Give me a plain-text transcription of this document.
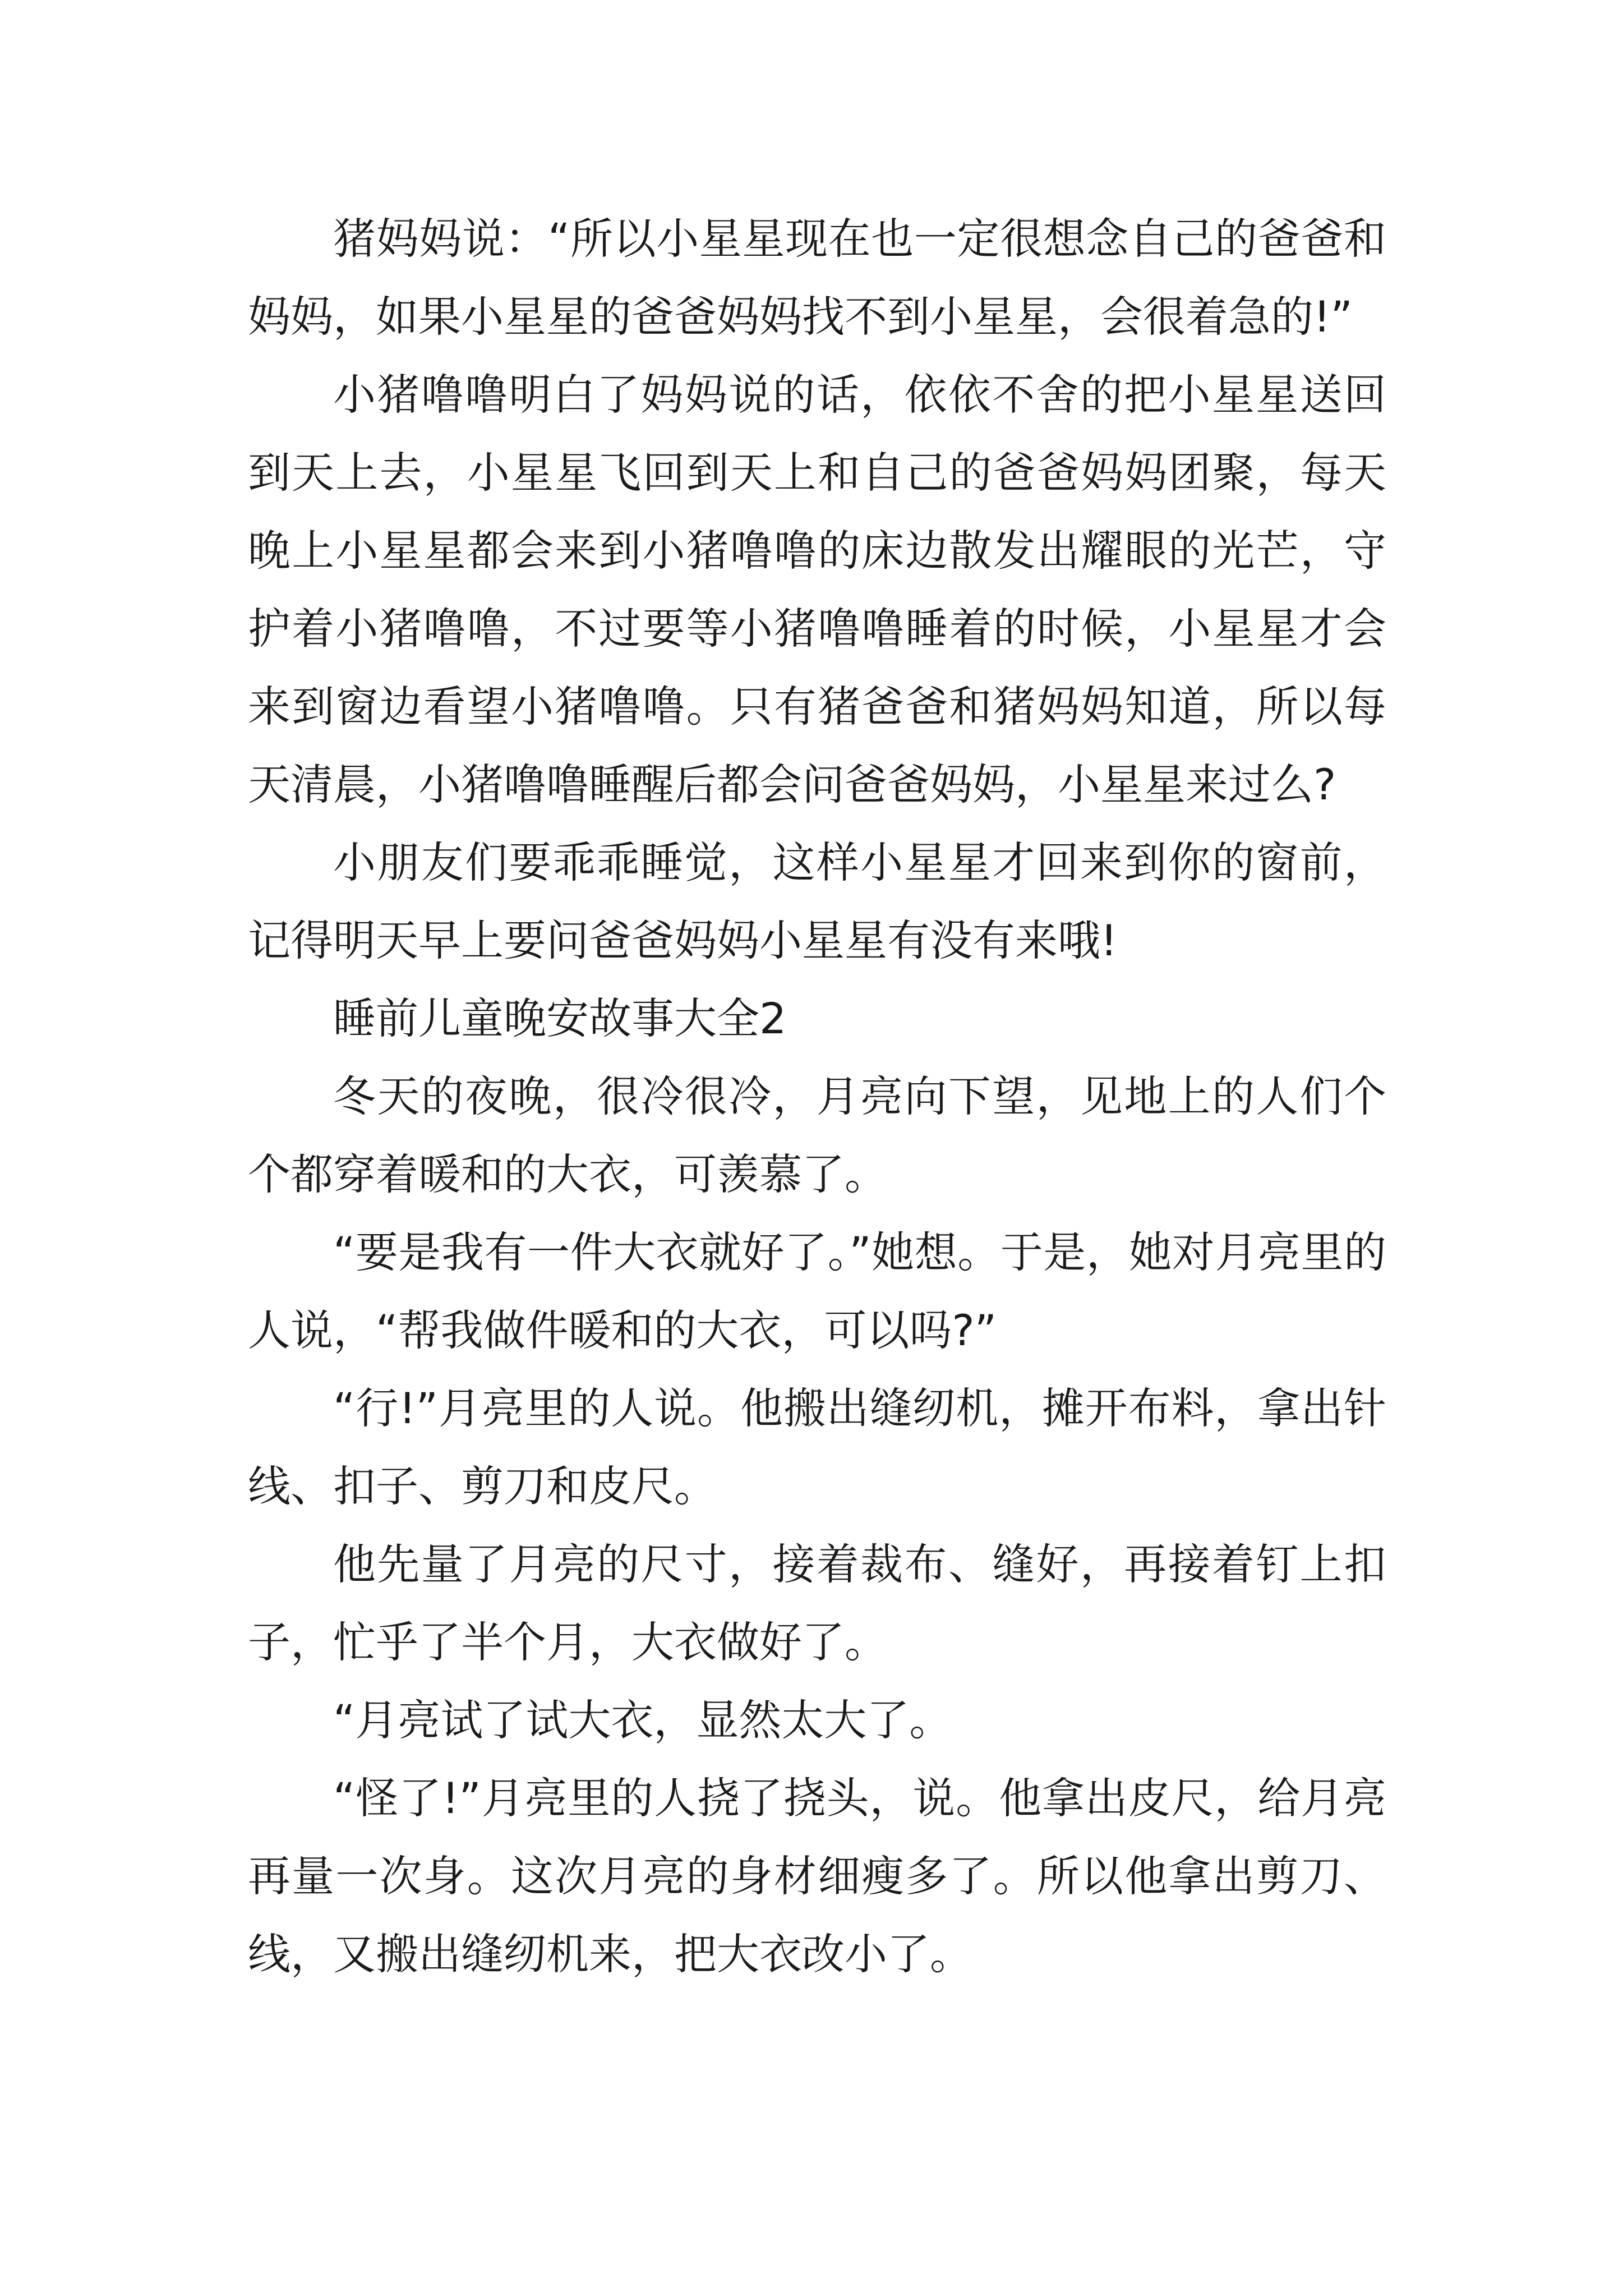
猪妈妈说：“所以小星星现在也一定很想念自己的爸爸和妈妈，如果小星星的爸爸妈妈找不到小星星，会很着急的!”

小猪噜噜明白了妈妈说的话，依依不舍的把小星星送回到天上去，小星星飞回到天上和自己的爸爸妈妈团聚，每天晚上小星星都会来到小猪噜噜的床边散发出耀眼的光芒，守护着小猪噜噜，不过要等小猪噜噜睡着的时候，小星星才会来到窗边看望小猪噜噜。只有猪爸爸和猪妈妈知道，所以每天清晨，小猪噜噜睡醒后都会问爸爸妈妈，小星星来过么?

小朋友们要乖乖睡觉，这样小星星才回来到你的窗前，记得明天早上要问爸爸妈妈小星星有没有来哦!

睡前儿童晚安故事大全2

冬天的夜晚，很冷很冷，月亮向下望，见地上的人们个个都穿着暖和的大衣，可羡慕了。

“要是我有一件大衣就好了。”她想。于是，她对月亮里的人说，“帮我做件暖和的大衣，可以吗?”

“行!”月亮里的人说。他搬出缝纫机，摊开布料，拿出针线、扣子、剪刀和皮尺。

他先量了月亮的尺寸，接着裁布、缝好，再接着钉上扣子，忙乎了半个月，大衣做好了。

“月亮试了试大衣，显然太大了。

“怪了!”月亮里的人挠了挠头，说。他拿出皮尺，给月亮再量一次身。这次月亮的身材细瘦多了。所以他拿出剪刀、线，又搬出缝纫机来，把大衣改小了。
